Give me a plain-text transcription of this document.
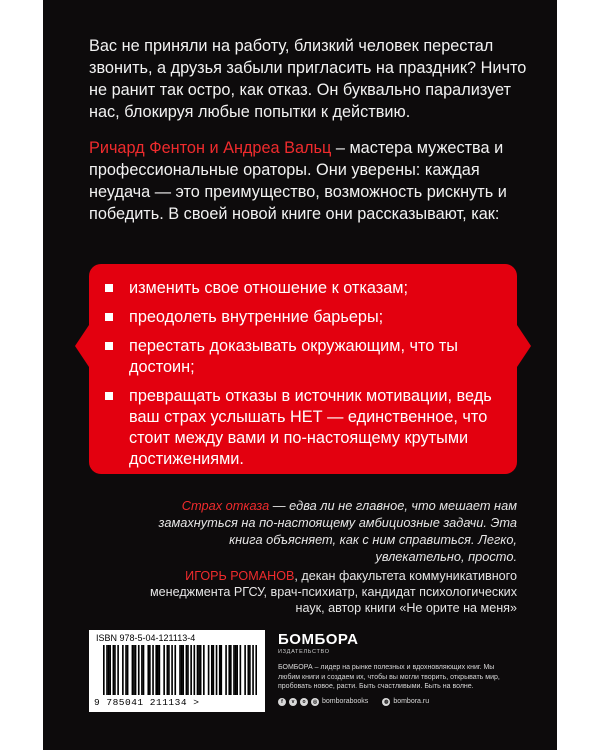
Вас не приняли на работу, близкий человек перестал звонить, а друзья забыли пригласить на праздник? Ничто не ранит так остро, как отказ. Он буквально парализует нас, блокируя любые попытки к действию.

Ричард Фентон и Андреа Вальц – мастера мужества и профессиональные ораторы. Они уверены: каждая неудача — это преимущество, возможность рискнуть и победить. В своей новой книге они рассказывают, как:

изменить свое отношение к отказам;
преодолеть внутренние барьеры;
перестать доказывать окружающим, что ты достоин;
превращать отказы в источник мотивации, ведь ваш страх услышать НЕТ — единственное, что стоит между вами и по-настоящему крутыми достижениями.
Страх отказа — едва ли не главное, что мешает нам замахнуться на по-настоящему амбициозные задачи. Эта книга объясняет, как с ним справиться. Легко, увлекательно, просто.
ИГОРЬ РОМАНОВ, декан факультета коммуникативного менеджмента РГСУ, врач-психиатр, кандидат психологических наук, автор книги «Не орите на меня»
ISBN 978-5-04-121113-4
9 785041 211134 >
БОМБОРА
ИЗДАТЕЛЬСТВО
БОМБОРА – лидер на рынке полезных и вдохновляющих книг. Мы любим книги и создаем их, чтобы вы могли творить, открывать мир, пробовать новое, расти. Быть счастливыми. Быть на волне.
f	v	o	◎ bomborabooks	◍ bombora.ru
